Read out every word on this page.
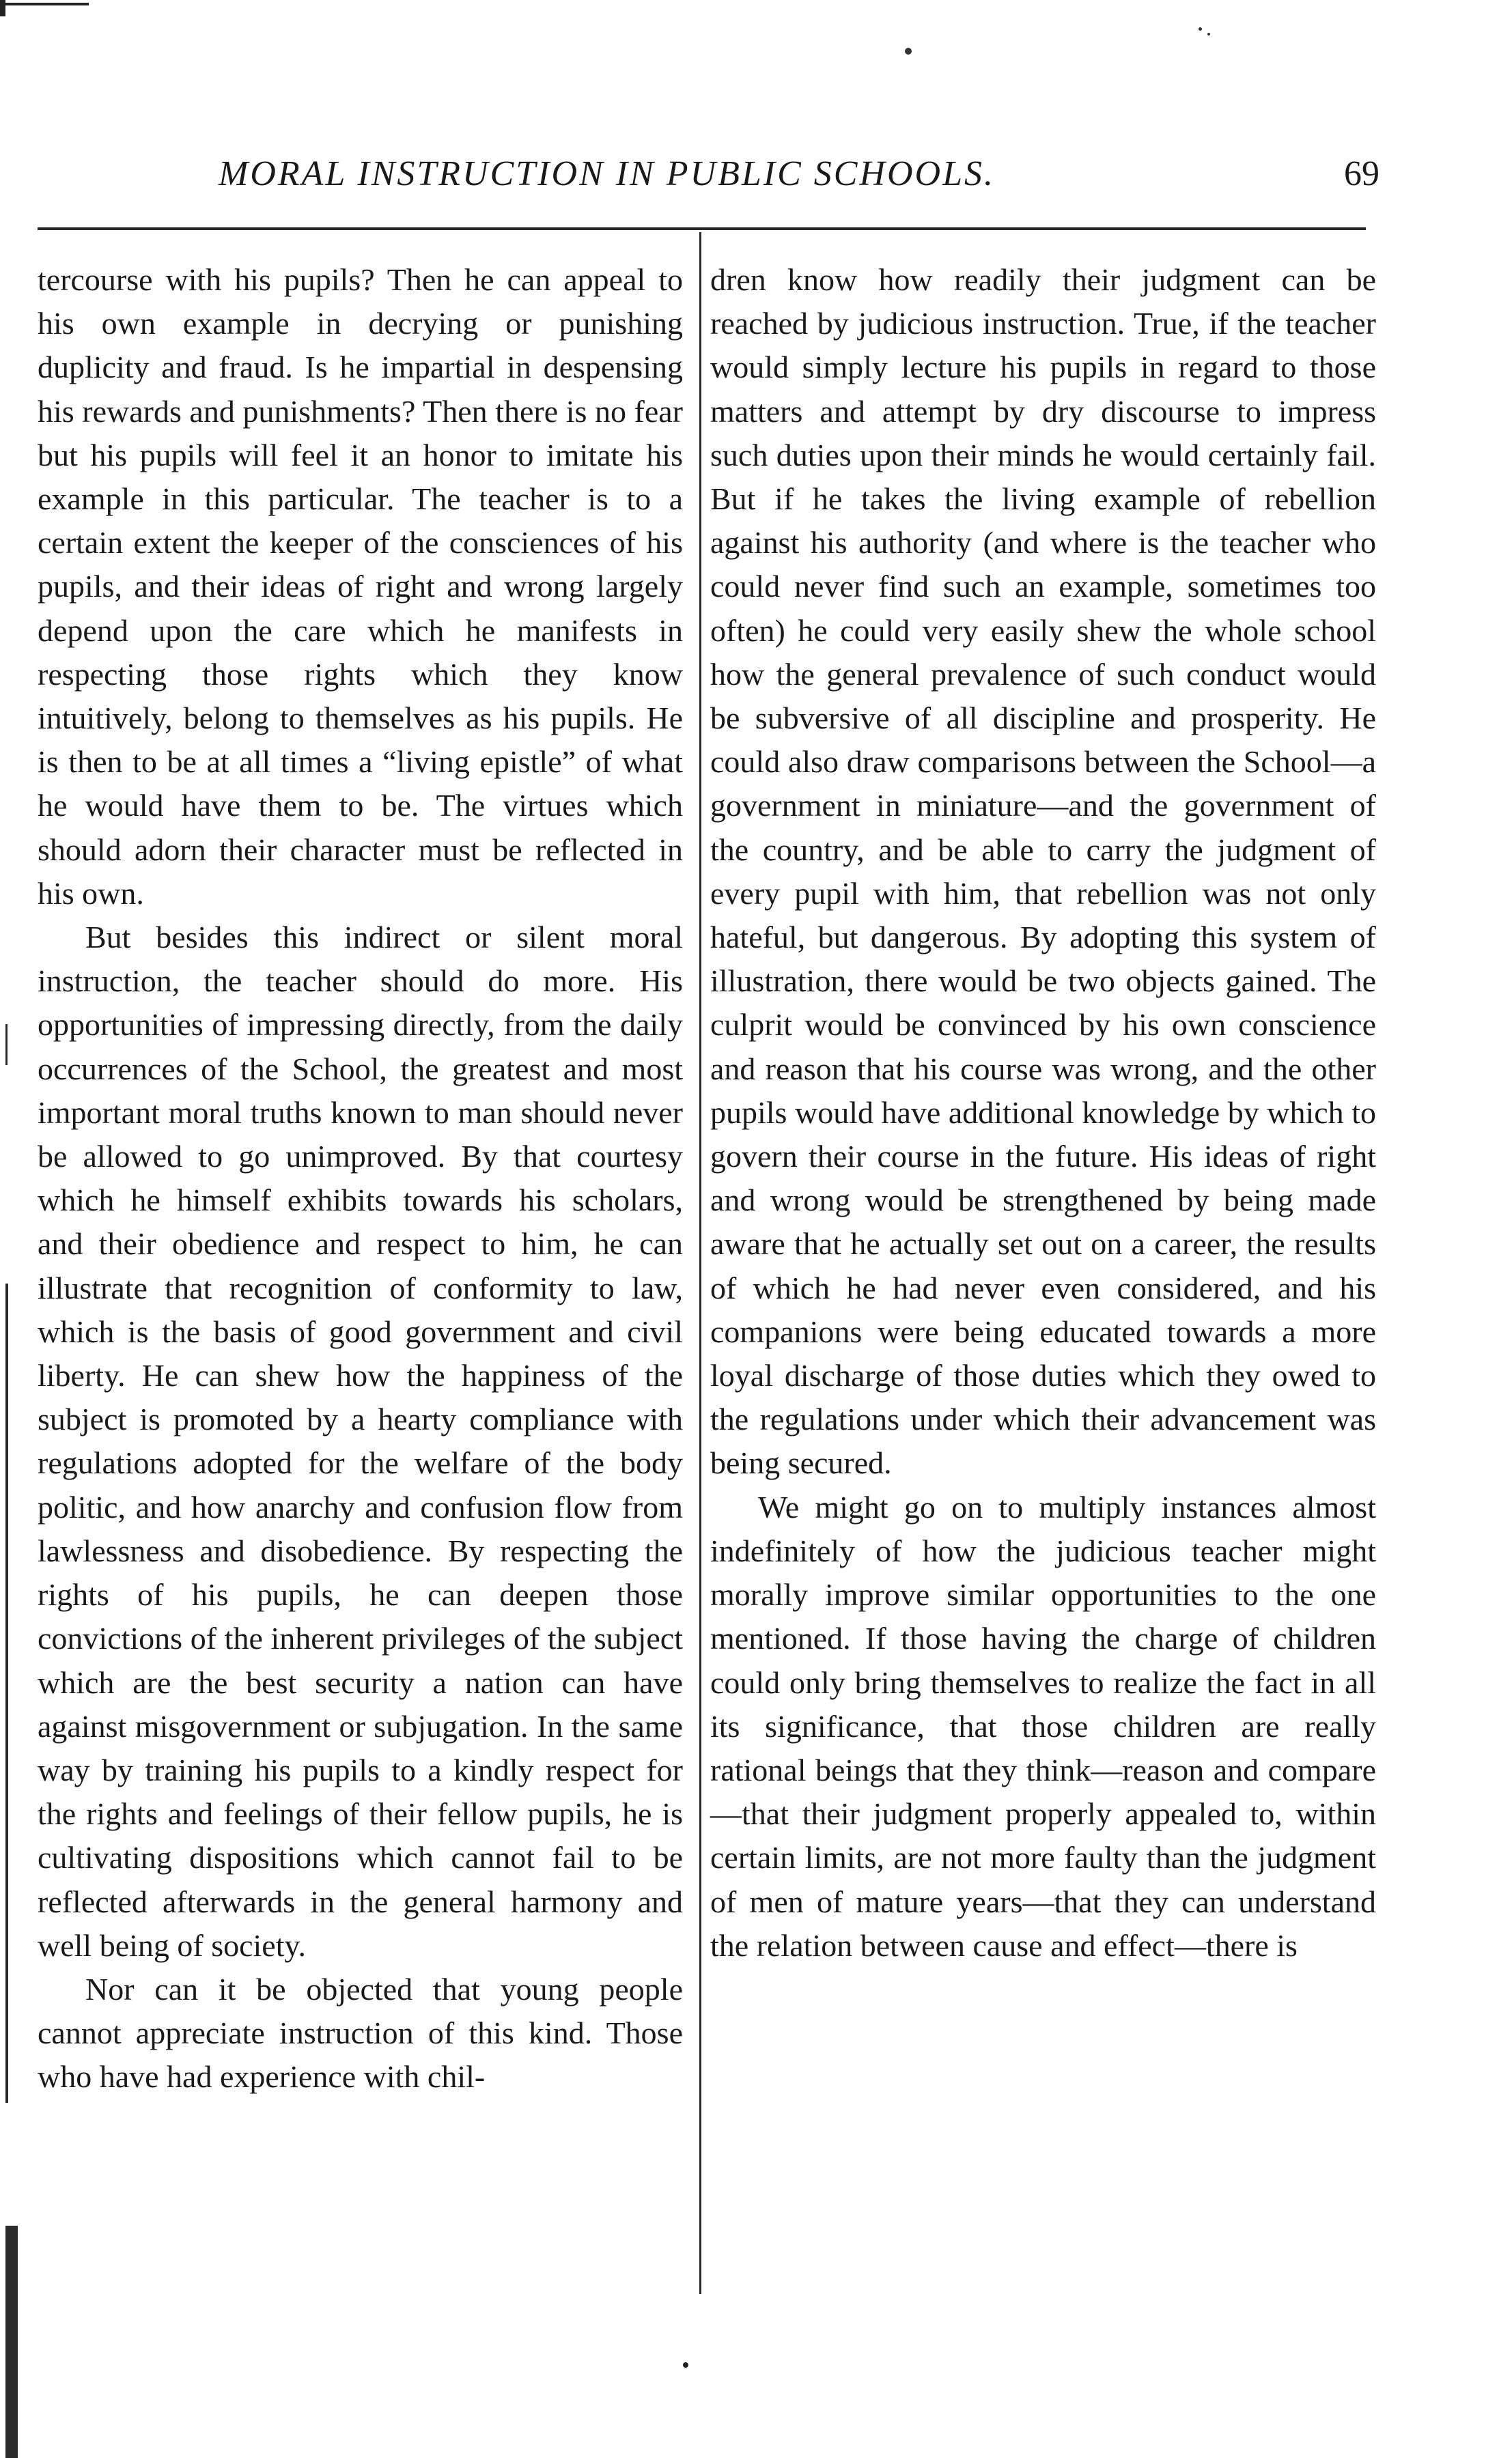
MORAL INSTRUCTION IN PUBLIC SCHOOLS.	69

tercourse with his pupils? Then he can appeal to his own example in decrying or punishing duplicity and fraud. Is he impartial in despensing his rewards and punishments? Then there is no fear but his pupils will feel it an honor to imitate his example in this particular. The teacher is to a certain extent the keeper of the consciences of his pupils, and their ideas of right and wrong largely depend upon the care which he manifests in respecting those rights which they know intuitively, belong to themselves as his pupils. He is then to be at all times a “living epistle” of what he would have them to be. The virtues which should adorn their character must be reflected in his own.

But besides this indirect or silent moral instruction, the teacher should do more. His opportunities of impressing directly, from the daily occurrences of the School, the greatest and most important moral truths known to man should never be allowed to go unimproved. By that courtesy which he himself exhibits towards his scholars, and their obedience and respect to him, he can illustrate that recognition of conformity to law, which is the basis of good government and civil liberty. He can shew how the happiness of the subject is promoted by a hearty compliance with regulations adopted for the welfare of the body politic, and how anarchy and confusion flow from lawlessness and disobedience. By respecting the rights of his pupils, he can deepen those convictions of the inherent privileges of the subject which are the best security a nation can have against misgovernment or subjugation. In the same way by training his pupils to a kindly respect for the rights and feelings of their fellow pupils, he is cultivating dispositions which cannot fail to be reflected afterwards in the general harmony and well being of society.

Nor can it be objected that young people cannot appreciate instruction of this kind. Those who have had experience with chil-

dren know how readily their judgment can be reached by judicious instruction. True, if the teacher would simply lecture his pupils in regard to those matters and attempt by dry discourse to impress such duties upon their minds he would certainly fail. But if he takes the living example of rebellion against his authority (and where is the teacher who could never find such an example, sometimes too often) he could very easily shew the whole school how the general prevalence of such conduct would be subversive of all discipline and prosperity. He could also draw comparisons between the School—a government in miniature—and the government of the country, and be able to carry the judgment of every pupil with him, that rebellion was not only hateful, but dangerous. By adopting this system of illustration, there would be two objects gained. The culprit would be convinced by his own conscience and reason that his course was wrong, and the other pupils would have additional knowledge by which to govern their course in the future. His ideas of right and wrong would be strengthened by being made aware that he actually set out on a career, the results of which he had never even considered, and his companions were being educated towards a more loyal discharge of those duties which they owed to the regulations under which their advancement was being secured.

We might go on to multiply instances almost indefinitely of how the judicious teacher might morally improve similar opportunities to the one mentioned. If those having the charge of children could only bring themselves to realize the fact in all its significance, that those children are really rational beings that they think—reason and compare—that their judgment properly appealed to, within certain limits, are not more faulty than the judgment of men of mature years—that they can understand the relation between cause and effect—there is
